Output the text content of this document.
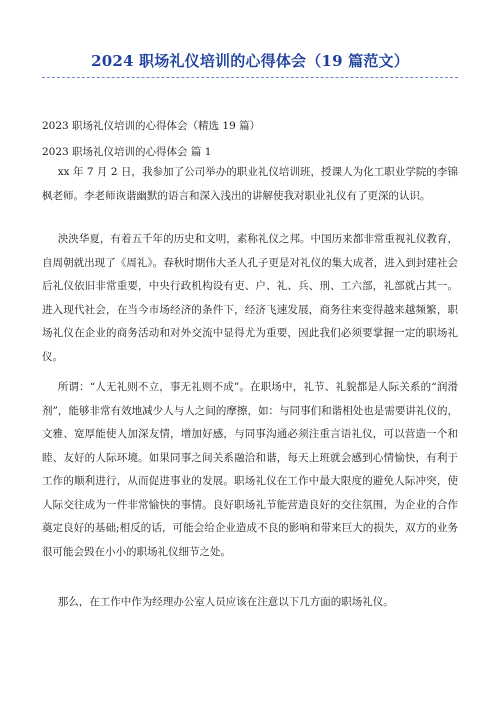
2024 职场礼仪培训的心得体会（19 篇范文）

2023 职场礼仪培训的心得体会（精选 19 篇）

2023 职场礼仪培训的心得体会 篇 1

xx 年 7 月 2 日，我参加了公司举办的职业礼仪培训班，授课人为化工职业学院的李锦枫老师。李老师诙谐幽默的语言和深入浅出的讲解使我对职业礼仪有了更深的认识。

泱泱华夏，有着五千年的历史和文明，素称礼仪之邦。中国历来都非常重视礼仪教育，自周朝就出现了《周礼》。春秋时期伟大圣人孔子更是对礼仪的集大成者，进入到封建社会后礼仪依旧非常重要，中央行政机构设有吏、户、礼、兵、刑、工六部，礼部就占其一。进入现代社会，在当今市场经济的条件下，经济飞速发展，商务往来变得越来越频繁，职场礼仪在企业的商务活动和对外交流中显得尤为重要，因此我们必须要掌握一定的职场礼仪。

所谓：“人无礼则不立，事无礼则不成”。在职场中，礼节、礼貌都是人际关系的“润滑剂”，能够非常有效地减少人与人之间的摩擦，如：与同事们和谐相处也是需要讲礼仪的，文雅、宽厚能使人加深友情，增加好感，与同事沟通必须注重言语礼仪，可以营造一个和睦、友好的人际环境。如果同事之间关系融洽和谐，每天上班就会感到心情愉快，有利于工作的顺利进行，从而促进事业的发展。职场礼仪在工作中最大限度的避免人际冲突，使人际交往成为一件非常愉快的事情。良好职场礼节能营造良好的交往氛围，为企业的合作奠定良好的基础;相反的话，可能会给企业造成不良的影响和带来巨大的损失，双方的业务很可能会毁在小小的职场礼仪细节之处。

那么，在工作中作为经理办公室人员应该在注意以下几方面的职场礼仪。
